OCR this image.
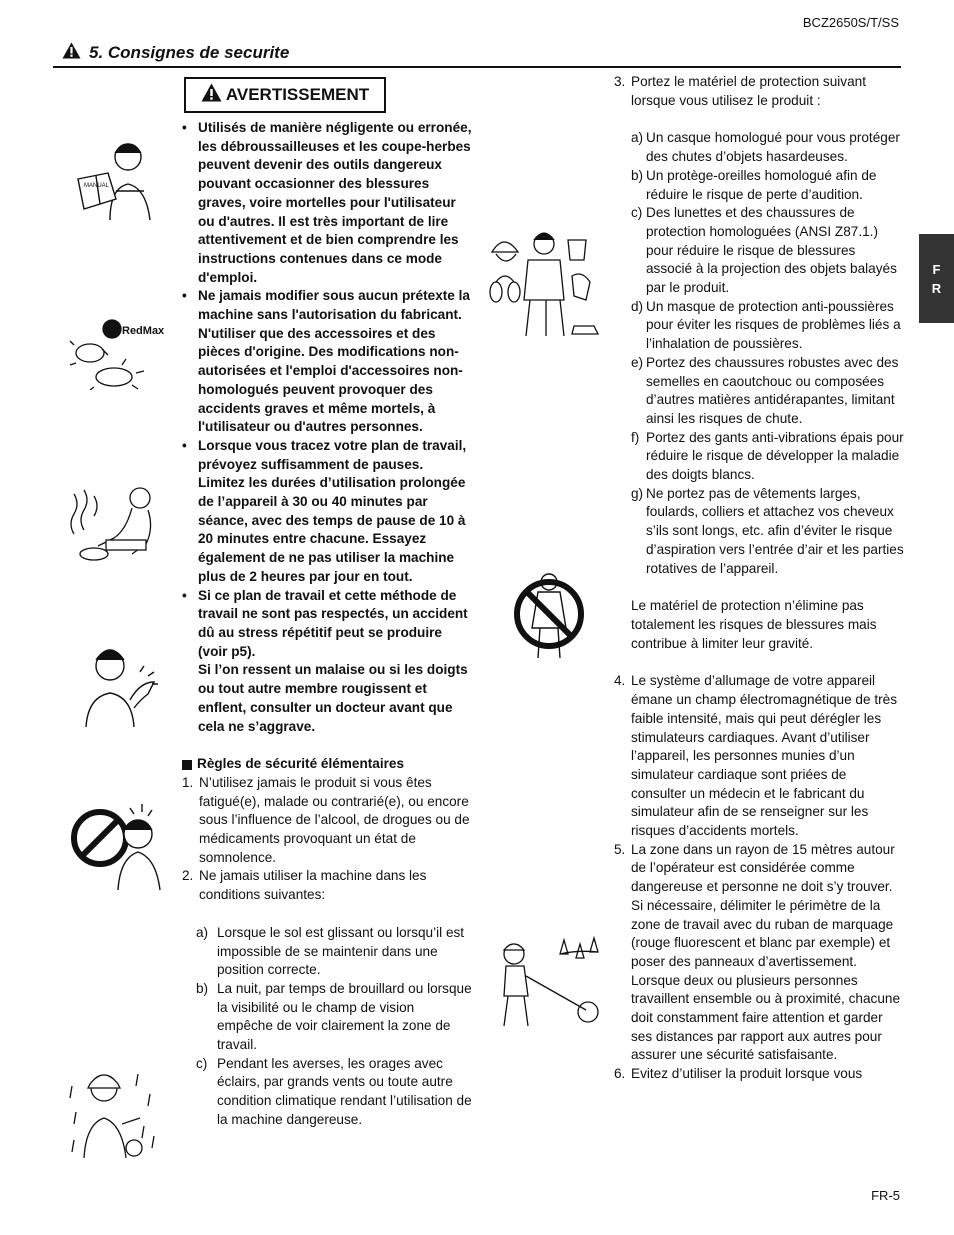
BCZ2650S/T/SS
5. Consignes de securite
F
R
AVERTISSEMENT
• Utilisés de manière négligente ou erronée, les débroussailleuses et les coupe-herbes peuvent devenir des outils dangereux pouvant occasionner des blessures graves, voire mortelles pour l'utilisateur ou d'autres. Il est très important de lire attentivement et de bien comprendre les instructions contenues dans ce mode d'emploi.
• Ne jamais modifier sous aucun prétexte la machine sans l'autorisation du fabricant. N'utiliser que des accessoires et des pièces d'origine. Des modifications non-autorisées et l'emploi d'accessoires non-homologués peuvent provoquer des accidents graves et même mortels, à l'utilisateur ou d'autres personnes.
• Lorsque vous tracez votre plan de travail, prévoyez suffisamment de pauses. Limitez les durées d’utilisation prolongée de l’appareil à 30 ou 40 minutes par séance, avec des temps de pause de 10 à 20 minutes entre chacune. Essayez également de ne pas utiliser la machine plus de 2 heures par jour en tout.
• Si ce plan de travail et cette méthode de travail ne sont pas respectés, un accident dû au stress répétitif peut se produire (voir p5).
Si l’on ressent un malaise ou si les doigts ou tout autre membre rougissent et enflent, consulter un docteur avant que cela ne s’aggrave.
Règles de sécurité élémentaires
1. N’utilisez jamais le produit si vous êtes fatigué(e), malade ou contrarié(e), ou encore sous l’influence de l’alcool, de drogues ou de médicaments provoquant un état de somnolence.
2. Ne jamais utiliser la machine dans les conditions suivantes:
a) Lorsque le sol est glissant ou lorsqu’il est impossible de se maintenir dans une position correcte.
b) La nuit, par temps de brouillard ou lorsque la visibilité ou le champ de vision empêche de voir clairement la zone de travail.
c) Pendant les averses, les orages avec éclairs, par grands vents ou toute autre condition climatique rendant l’utilisation de la machine dangereuse.
3. Portez le matériel de protection suivant lorsque vous utilisez le produit :
a) Un casque homologué pour vous protéger des chutes d’objets hasardeuses.
b) Un protège-oreilles homologué afin de réduire le risque de perte d’audition.
c) Des lunettes et des chaussures de protection homologuées (ANSI Z87.1.) pour réduire le risque de blessures associé à la projection des objets balayés par le produit.
d) Un masque de protection anti-poussières pour éviter les risques de problèmes liés a l’inhalation de poussières.
e) Portez des chaussures robustes avec des semelles en caoutchouc ou composées d’autres matières antidérapantes, limitant ainsi les risques de chute.
f) Portez des gants anti-vibrations épais pour réduire le risque de développer la maladie des doigts blancs.
g) Ne portez pas de vêtements larges, foulards, colliers et attachez vos cheveux s’ils sont longs, etc. afin d’éviter le risque d’aspiration vers l’entrée d’air et les parties rotatives de l’appareil.
Le matériel de protection n’élimine pas totalement les risques de blessures mais contribue à limiter leur gravité.
4. Le système d’allumage de votre appareil émane un champ électromagnétique de très faible intensité, mais qui peut dérégler les stimulateurs cardiaques. Avant d’utiliser l’appareil, les personnes munies d’un simulateur cardiaque sont priées de consulter un médecin et le fabricant du simulateur afin de se renseigner sur les risques d’accidents mortels.
5. La zone dans un rayon de 15 mètres autour de l’opérateur est considérée comme dangereuse et personne ne doit s’y trouver. Si nécessaire, délimiter le périmètre de la zone de travail avec du ruban de marquage (rouge fluorescent et blanc par exemple) et poser des panneaux d’avertissement. Lorsque deux ou plusieurs personnes travaillent ensemble ou à proximité, chacune doit constamment faire attention et garder ses distances par rapport aux autres pour assurer une sécurité satisfaisante.
6. Evitez d’utiliser la produit lorsque vous
MANUAL
RedMax
FR-5
